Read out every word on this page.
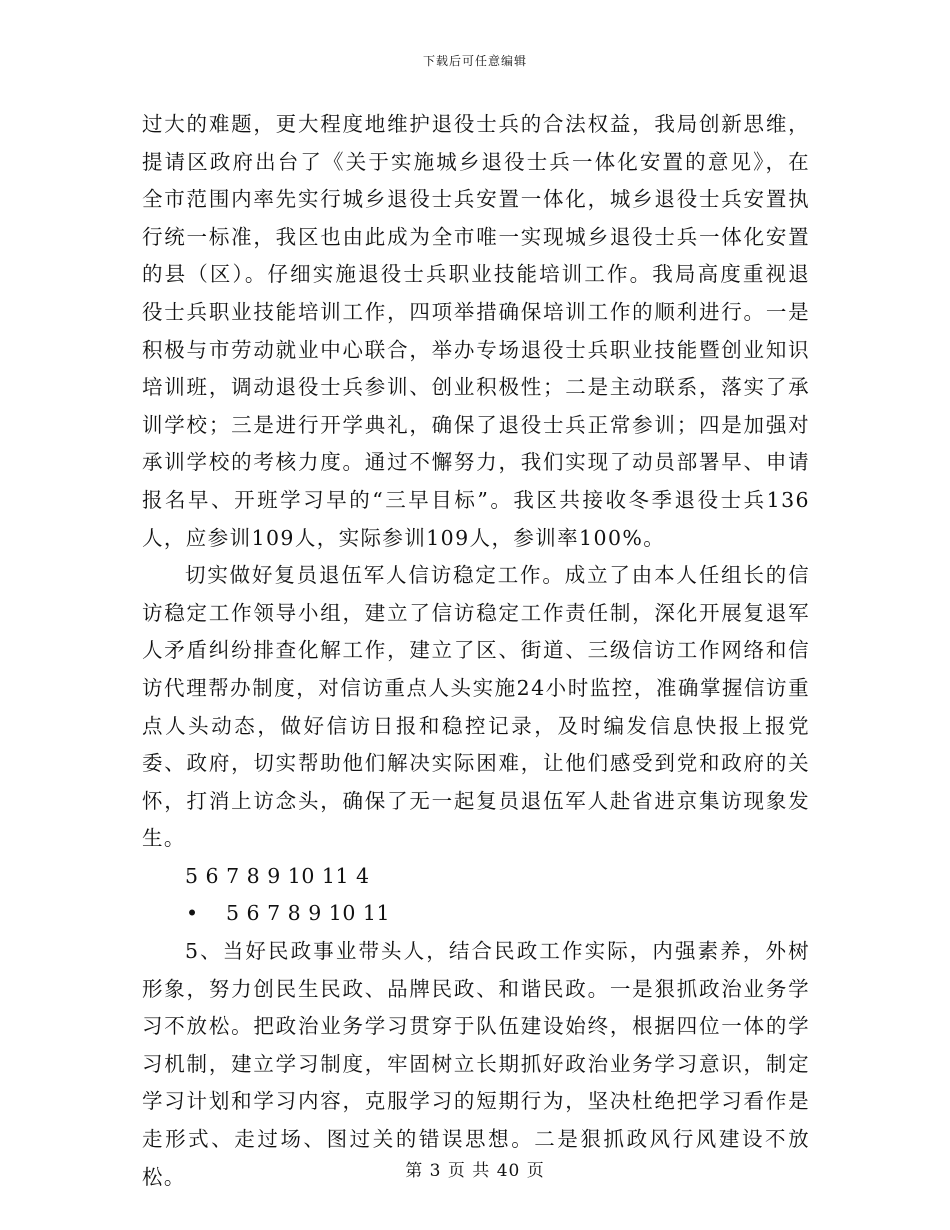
下载后可任意编辑

过大的难题，更大程度地维护退役士兵的合法权益，我局创新思维，提请区政府出台了《关于实施城乡退役士兵一体化安置的意见》，在全市范围内率先实行城乡退役士兵安置一体化，城乡退役士兵安置执行统一标准，我区也由此成为全市唯一实现城乡退役士兵一体化安置的县（区）。仔细实施退役士兵职业技能培训工作。我局高度重视退役士兵职业技能培训工作，四项举措确保培训工作的顺利进行。一是积极与市劳动就业中心联合，举办专场退役士兵职业技能暨创业知识培训班，调动退役士兵参训、创业积极性；二是主动联系，落实了承训学校；三是进行开学典礼，确保了退役士兵正常参训；四是加强对承训学校的考核力度。通过不懈努力，我们实现了动员部署早、申请报名早、开班学习早的“三早目标”。我区共接收冬季退役士兵136人，应参训109人，实际参训109人，参训率100%。

切实做好复员退伍军人信访稳定工作。成立了由本人任组长的信访稳定工作领导小组，建立了信访稳定工作责任制，深化开展复退军人矛盾纠纷排查化解工作，建立了区、街道、三级信访工作网络和信访代理帮办制度，对信访重点人头实施24小时监控，准确掌握信访重点人头动态，做好信访日报和稳控记录，及时编发信息快报上报党委、政府，切实帮助他们解决实际困难，让他们感受到党和政府的关怀，打消上访念头，确保了无一起复员退伍军人赴省进京集访现象发生。

5 6 7 8 9 10 11 4

• 5 6 7 8 9 10 11

5、当好民政事业带头人，结合民政工作实际，内强素养，外树形象，努力创民生民政、品牌民政、和谐民政。一是狠抓政治业务学习不放松。把政治业务学习贯穿于队伍建设始终，根据四位一体的学习机制，建立学习制度，牢固树立长期抓好政治业务学习意识，制定学习计划和学习内容，克服学习的短期行为，坚决杜绝把学习看作是走形式、走过场、图过关的错误思想。二是狠抓政风行风建设不放松。	第 3 页 共 40 页
